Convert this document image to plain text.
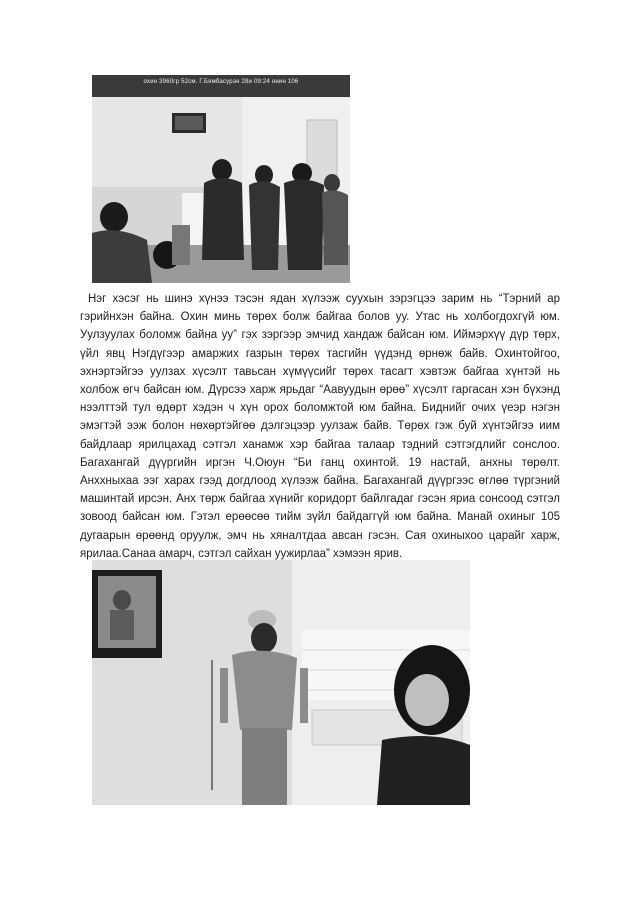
охин 3960гр 52см. Г.Бямбасүрэн 28и 09:24 онин 106

Нэг хэсэг нь шинэ хүнээ тэсэн ядан хүлээж суухын зэрэгцээ зарим нь “Тэрний ар гэрийнхэн байна. Охин минь төрөх болж байгаа болов уу. Утас нь холбогдохгүй юм. Уулзуулах боломж байна уу” гэх зэргээр эмчид хандаж байсан юм. Иймэрхүү дүр төрх, үйл явц Нэгдүгээр амаржих газрын төрөх тасгийн үүдэнд өрнөж байв. Охинтойгоо, эхнэртэйгээ уулзах хүсэлт тавьсан хүмүүсийг төрөх тасагт хэвтэж байгаа хүнтэй нь холбож өгч байсан юм. Дүрсээ харж ярьдаг “Аавуудын өрөө” хүсэлт гаргасан хэн бүхэнд нээлттэй тул өдөрт хэдэн ч хүн орох боломжтой юм байна. Биднийг очих үеэр нэгэн эмэгтэй ээж болон нөхөртэйгөө дэлгэцээр уулзаж байв. Төрөх гэж буй хүнтэйгээ иим байдлаар ярилцахад сэтгэл ханамж хэр байгаа талаар тэдний сэтгэгдлийг сонслоо. Багахангай дүүргийн иргэн Ч.Оюун “Би ганц охинтой. 19 настай, анхны төрөлт. Анххныхаа ээг харах гээд догдлоод хүлээж байна. Багахангай дүүргээс өглөө түргэний машинтай ирсэн. Анх төрж байгаа хүнийг коридорт байлгадаг гэсэн яриа сонсоод сэтгэл зовоод байсан юм. Гэтэл ерөөсөө тийм зүйл байдаггүй юм байна. Манай охиныг 105 дугаарын өрөөнд оруулж, эмч нь хяналтдаа авсан гэсэн. Сая охиныхоо царайг харж, ярилаа.Санаа амарч, сэтгэл сайхан уужирлаа” хэмээн ярив.
